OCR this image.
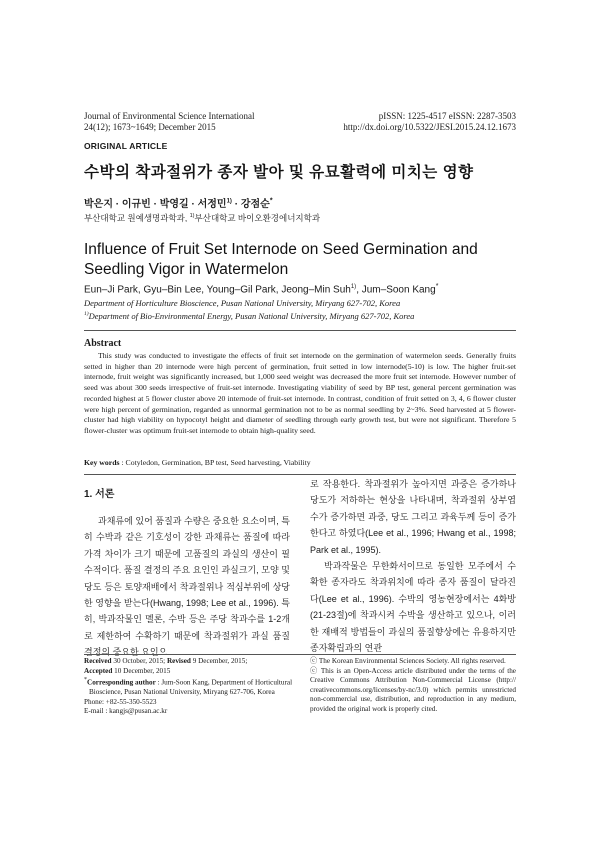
Journal of Environmental Science International
24(12); 1673~1649; December 2015
pISSN: 1225-4517 eISSN: 2287-3503
http://dx.doi.org/10.5322/JESI.2015.24.12.1673
ORIGINAL ARTICLE
수박의 착과절위가 종자 발아 및 유묘활력에 미치는 영향
박은지 · 이규빈 · 박영길 · 서정민$^{1)}$ · 강점순*
부산대학교 원예생명과학과, $^{1)}$부산대학교 바이오환경에너지학과
Influence of Fruit Set Internode on Seed Germination and Seedling Vigor in Watermelon
Eun–Ji Park, Gyu–Bin Lee, Young–Gil Park, Jeong–Min Suh$^{1)}$, Jum–Soon Kang*
Department of Horticulture Bioscience, Pusan National University, Miryang 627-702, Korea
$^{1)}$Department of Bio-Environmental Energy, Pusan National University, Miryang 627-702, Korea
Abstract
This study was conducted to investigate the effects of fruit set internode on the germination of watermelon seeds. Generally fruits setted in higher than 20 internode were high percent of germination, fruit setted in low internode(5-10) is low. The higher fruit-set internode, fruit weight was significantly increased, but 1,000 seed weight was decreased the more fruit set internode. However number of seed was about 300 seeds irrespective of fruit-set internode. Investigating viability of seed by BP test, general percent germination was recorded highest at 5 flower cluster above 20 internode of fruit-set internode. In contrast, condition of fruit setted on 3, 4, 6 flower cluster were high percent of germination, regarded as unnormal germination not to be as normal seedling by 2~3%. Seed harvested at 5 flower-cluster had high viability on hypocotyl height and diameter of seedling through early growth test, but were not significant. Therefore 5 flower-cluster was optimum fruit-set internode to obtain high-quality seed.
Key words : Cotyledon, Germination, BP test, Seed harvesting, Viability
1. 서론
과채류에 있어 품질과 수량은 중요한 요소이며, 특히 수박과 같은 기호성이 강한 과채류는 품질에 따라 가격 차이가 크기 때문에 고품질의 과실의 생산이 필수적이다. 품질 결정의 주요 요인인 과실크기, 모양 및 당도 등은 토양재배에서 착과절위나 적심부위에 상당한 영향을 받는다(Hwang, 1998; Lee et al., 1996). 특히, 박과작물인 멜론, 수박 등은 주당 착과수를 1-2개로 제한하여 수확하기 때문에 착과절위가 과실 품질 결정의 중요한 요인으

로 작용한다. 착과절위가 높아지면 과중은 증가하나 당도가 저하하는 현상을 나타내며, 착과절위 상부엽수가 증가하면 과중, 당도 그리고 과육두께 등이 증가한다고 하였다(Lee et al., 1996; Hwang et al., 1998; Park et al., 1995).

박과작물은 무한화서이므로 동일한 모주에서 수확한 종자라도 착과위치에 따라 종자 품질이 달라진다(Lee et al., 1996). 수박의 영농현장에서는 4화방(21-23절)에 착과시켜 수박을 생산하고 있으나, 이러한 재배적 방법들이 과실의 품질향상에는 유용하지만 종자확립과의 연관

Received 30 October, 2015; Revised 9 December, 2015;
Accepted 10 December, 2015
*Corresponding author : Jum-Soon Kang, Department of Horticultural
Bioscience, Pusan National University, Miryang 627-706, Korea
Phone: +82-55-350-5523
E-mail : kangjs@pusan.ac.kr
ⓒ The Korean Environmental Sciences Society. All rights reserved.
ⓒ This is an Open-Access article distributed under the terms of the Creative Commons Attribution Non-Commercial License (http:// creativecommons.org/licenses/by-nc/3.0) which permits unrestricted non-commercial use, distribution, and reproduction in any medium, provided the original work is properly cited.
